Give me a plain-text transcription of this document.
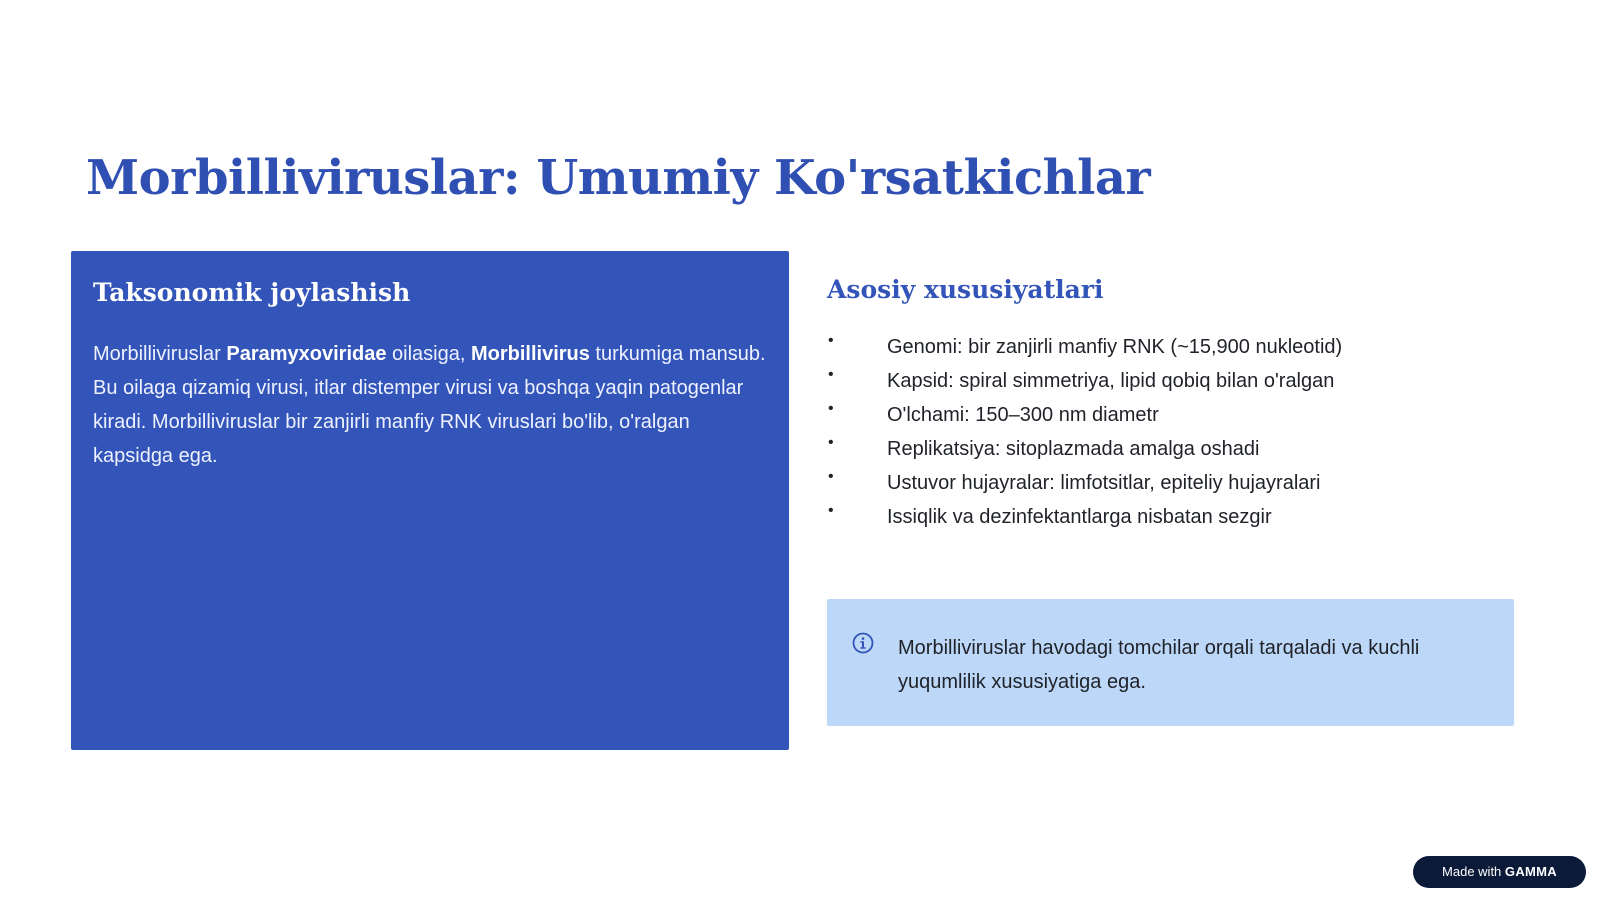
Morbilliviruslar: Umumiy Ko'rsatkichlar
Taksonomik joylashish

Morbilliviruslar Paramyxoviridae oilasiga, Morbillivirus turkumiga mansub. Bu oilaga qizamiq virusi, itlar distemper virusi va boshqa yaqin patogenlar kiradi. Morbilliviruslar bir zanjirli manfiy RNK viruslari bo'lib, o'ralgan kapsidga ega.

Asosiy xususiyatlari
•	Genomi: bir zanjirli manfiy RNK (~15,900 nukleotid)
•	Kapsid: spiral simmetriya, lipid qobiq bilan o'ralgan
•	O'lchami: 150–300 nm diametr
•	Replikatsiya: sitoplazmada amalga oshadi
•	Ustuvor hujayralar: limfotsitlar, epiteliy hujayralari
•	Issiqlik va dezinfektantlarga nisbatan sezgir

Morbilliviruslar havodagi tomchilar orqali tarqaladi va kuchli yuqumlilik xususiyatiga ega.

Made with GAMMA
